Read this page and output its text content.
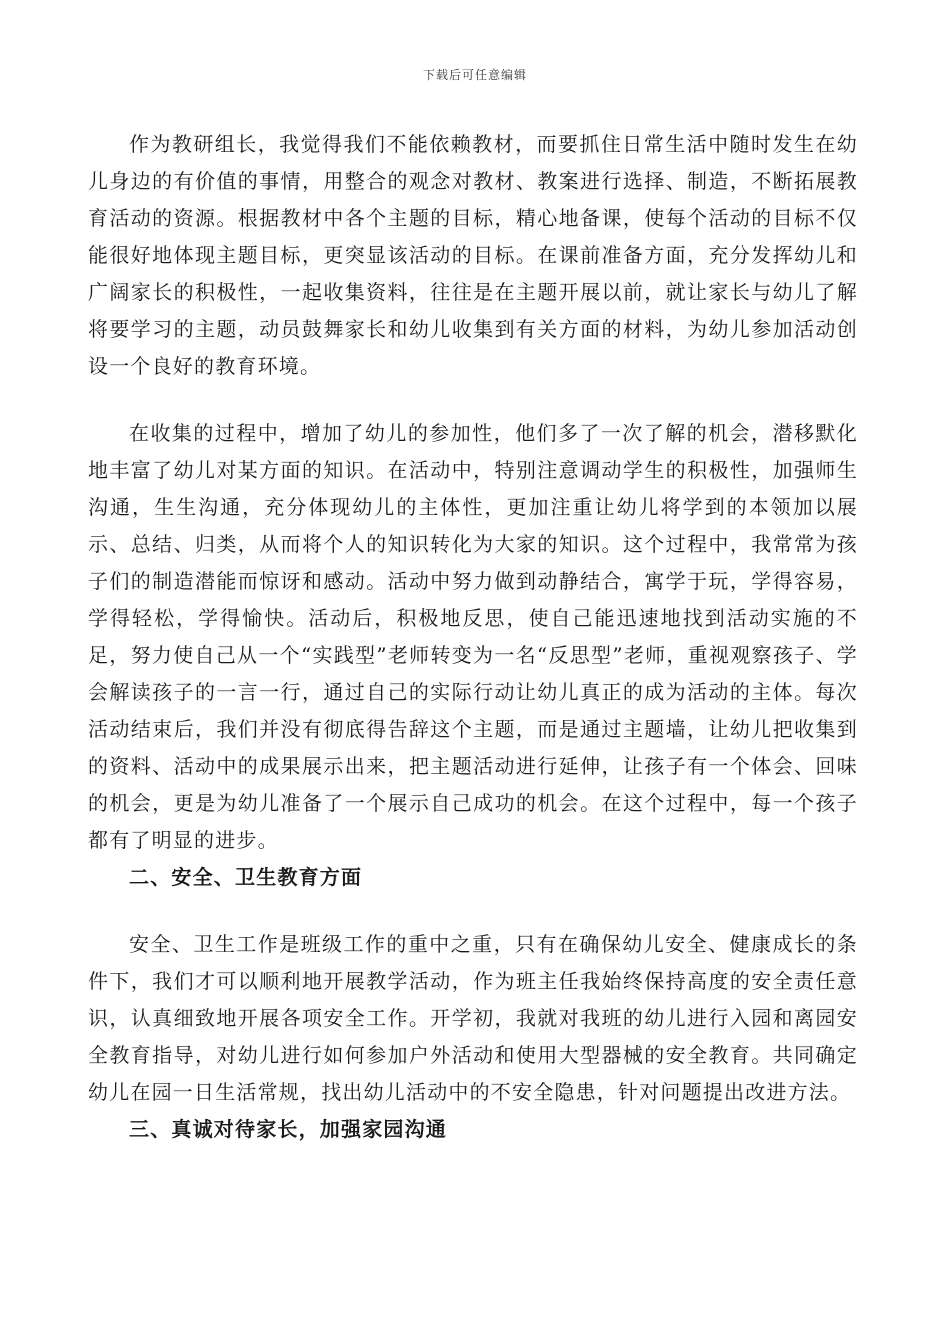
下载后可任意编辑

作为教研组长，我觉得我们不能依赖教材，而要抓住日常生活中随时发生在幼儿身边的有价值的事情，用整合的观念对教材、教案进行选择、制造，不断拓展教育活动的资源。根据教材中各个主题的目标，精心地备课，使每个活动的目标不仅能很好地体现主题目标，更突显该活动的目标。在课前准备方面，充分发挥幼儿和广阔家长的积极性，一起收集资料，往往是在主题开展以前，就让家长与幼儿了解将要学习的主题，动员鼓舞家长和幼儿收集到有关方面的材料，为幼儿参加活动创设一个良好的教育环境。

在收集的过程中，增加了幼儿的参加性，他们多了一次了解的机会，潜移默化地丰富了幼儿对某方面的知识。在活动中，特别注意调动学生的积极性，加强师生沟通，生生沟通，充分体现幼儿的主体性，更加注重让幼儿将学到的本领加以展示、总结、归类，从而将个人的知识转化为大家的知识。这个过程中，我常常为孩子们的制造潜能而惊讶和感动。活动中努力做到动静结合，寓学于玩，学得容易，学得轻松，学得愉快。活动后，积极地反思，使自己能迅速地找到活动实施的不足，努力使自己从一个“实践型”老师转变为一名“反思型”老师，重视观察孩子、学会解读孩子的一言一行，通过自己的实际行动让幼儿真正的成为活动的主体。每次活动结束后，我们并没有彻底得告辞这个主题，而是通过主题墙，让幼儿把收集到的资料、活动中的成果展示出来，把主题活动进行延伸，让孩子有一个体会、回味的机会，更是为幼儿准备了一个展示自己成功的机会。在这个过程中，每一个孩子都有了明显的进步。

二、安全、卫生教育方面

安全、卫生工作是班级工作的重中之重，只有在确保幼儿安全、健康成长的条件下，我们才可以顺利地开展教学活动，作为班主任我始终保持高度的安全责任意识，认真细致地开展各项安全工作。开学初，我就对我班的幼儿进行入园和离园安全教育指导，对幼儿进行如何参加户外活动和使用大型器械的安全教育。共同确定幼儿在园一日生活常规，找出幼儿活动中的不安全隐患，针对问题提出改进方法。

三、真诚对待家长，加强家园沟通
